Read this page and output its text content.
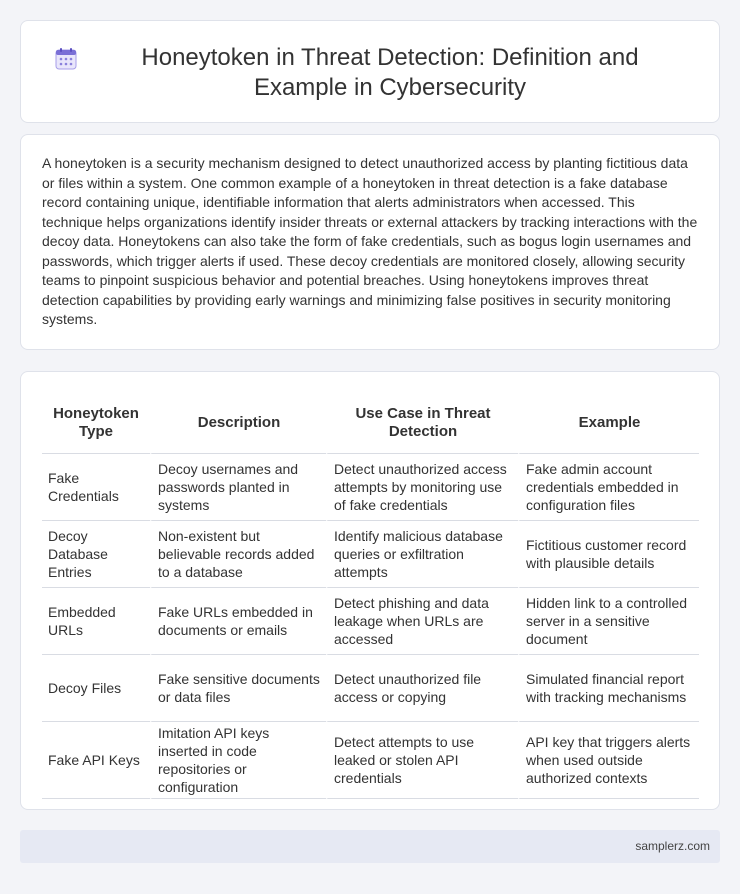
Honeytoken in Threat Detection: Definition and Example in Cybersecurity

A honeytoken is a security mechanism designed to detect unauthorized access by planting fictitious data or files within a system. One common example of a honeytoken in threat detection is a fake database record containing unique, identifiable information that alerts administrators when accessed. This technique helps organizations identify insider threats or external attackers by tracking interactions with the decoy data. Honeytokens can also take the form of fake credentials, such as bogus login usernames and passwords, which trigger alerts if used. These decoy credentials are monitored closely, allowing security teams to pinpoint suspicious behavior and potential breaches. Using honeytokens improves threat detection capabilities by providing early warnings and minimizing false positives in security monitoring systems.

Honeytoken Type	Description	Use Case in Threat Detection	Example
Fake Credentials	Decoy usernames and passwords planted in systems	Detect unauthorized access attempts by monitoring use of fake credentials	Fake admin account credentials embedded in configuration files
Decoy Database Entries	Non-existent but believable records added to a database	Identify malicious database queries or exfiltration attempts	Fictitious customer record with plausible details
Embedded URLs	Fake URLs embedded in documents or emails	Detect phishing and data leakage when URLs are accessed	Hidden link to a controlled server in a sensitive document
Decoy Files	Fake sensitive documents or data files	Detect unauthorized file access or copying	Simulated financial report with tracking mechanisms
Fake API Keys	Imitation API keys inserted in code repositories or configuration	Detect attempts to use leaked or stolen API credentials	API key that triggers alerts when used outside authorized contexts
samplerz.com
